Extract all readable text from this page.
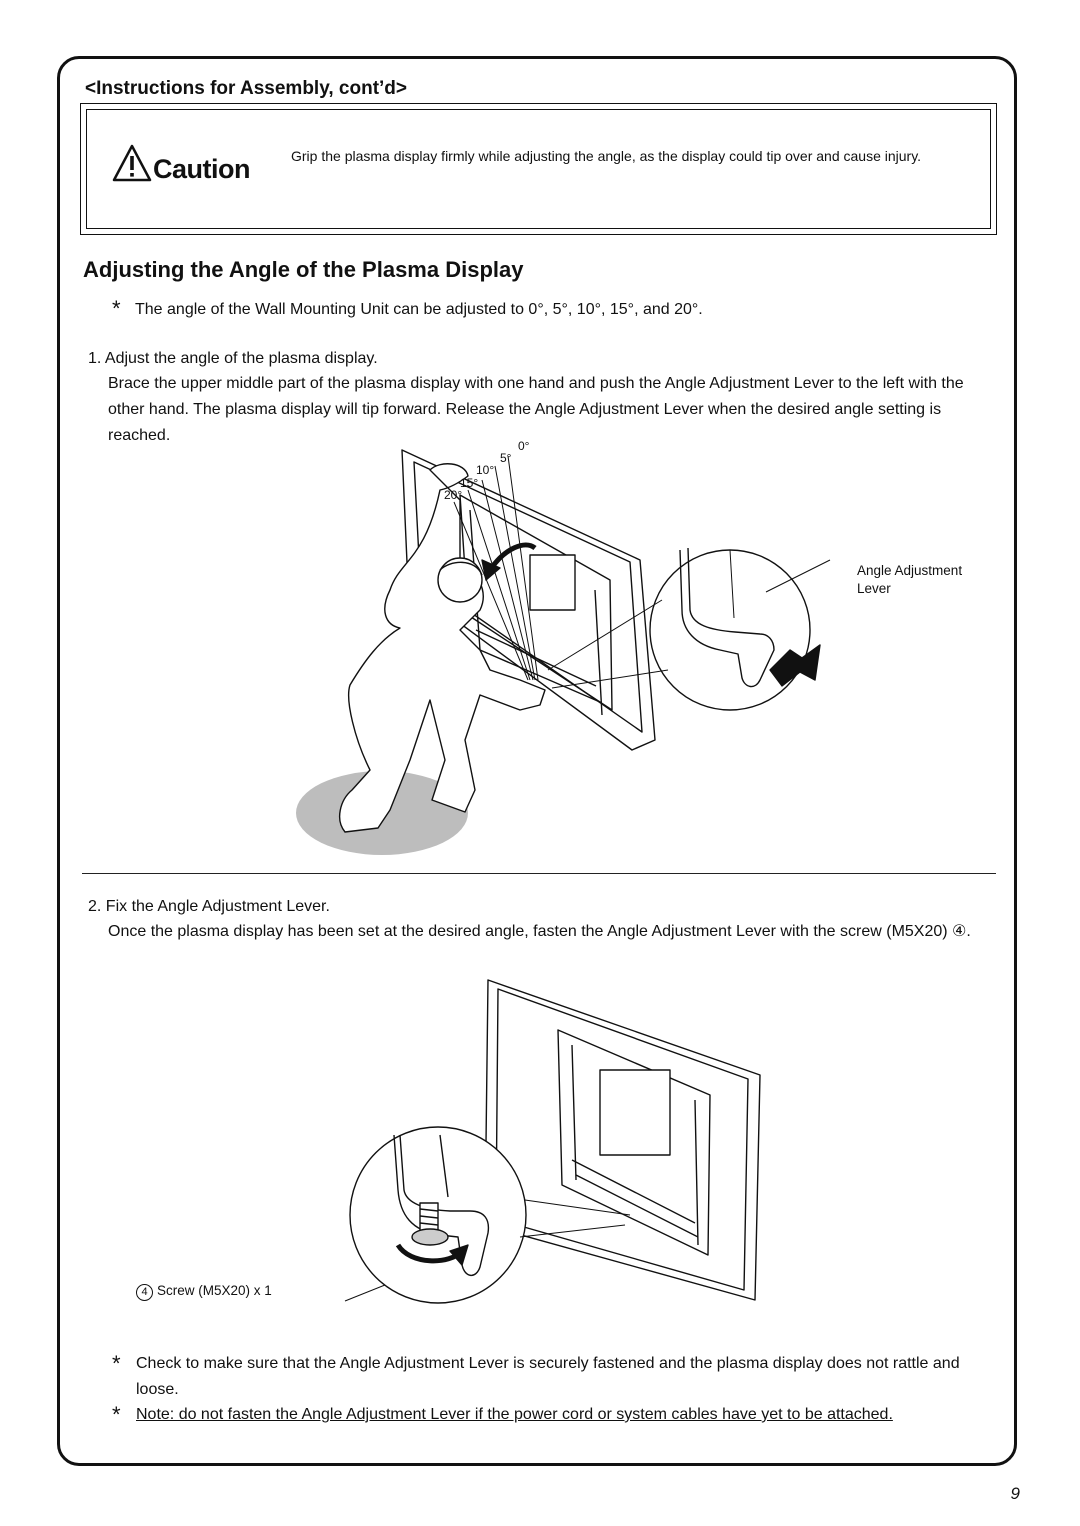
<Instructions for Assembly, cont’d>
Caution	Grip the plasma display firmly while adjusting the angle, as the display could tip over and cause injury.
Adjusting the Angle of the Plasma Display
* The angle of the Wall Mounting Unit can be adjusted to 0°, 5°, 10°, 15°, and 20°.
1. Adjust the angle of the plasma display.
Brace the upper middle part of the plasma display with one hand and push the Angle Adjustment Lever to the left with the other hand. The plasma display will tip forward. Release the Angle Adjustment Lever when the desired angle setting is reached.
0°
5°
10°
15°
20°
Angle Adjustment
Lever
2. Fix the Angle Adjustment Lever.
Once the plasma display has been set at the desired angle, fasten the Angle Adjustment Lever with the screw (M5X20) ④.
4 Screw (M5X20) x 1
* Check to make sure that the Angle Adjustment Lever is securely fastened and the plasma display does not rattle and loose.
* Note: do not fasten the Angle Adjustment Lever if the power cord or system cables have yet to be attached.
9
